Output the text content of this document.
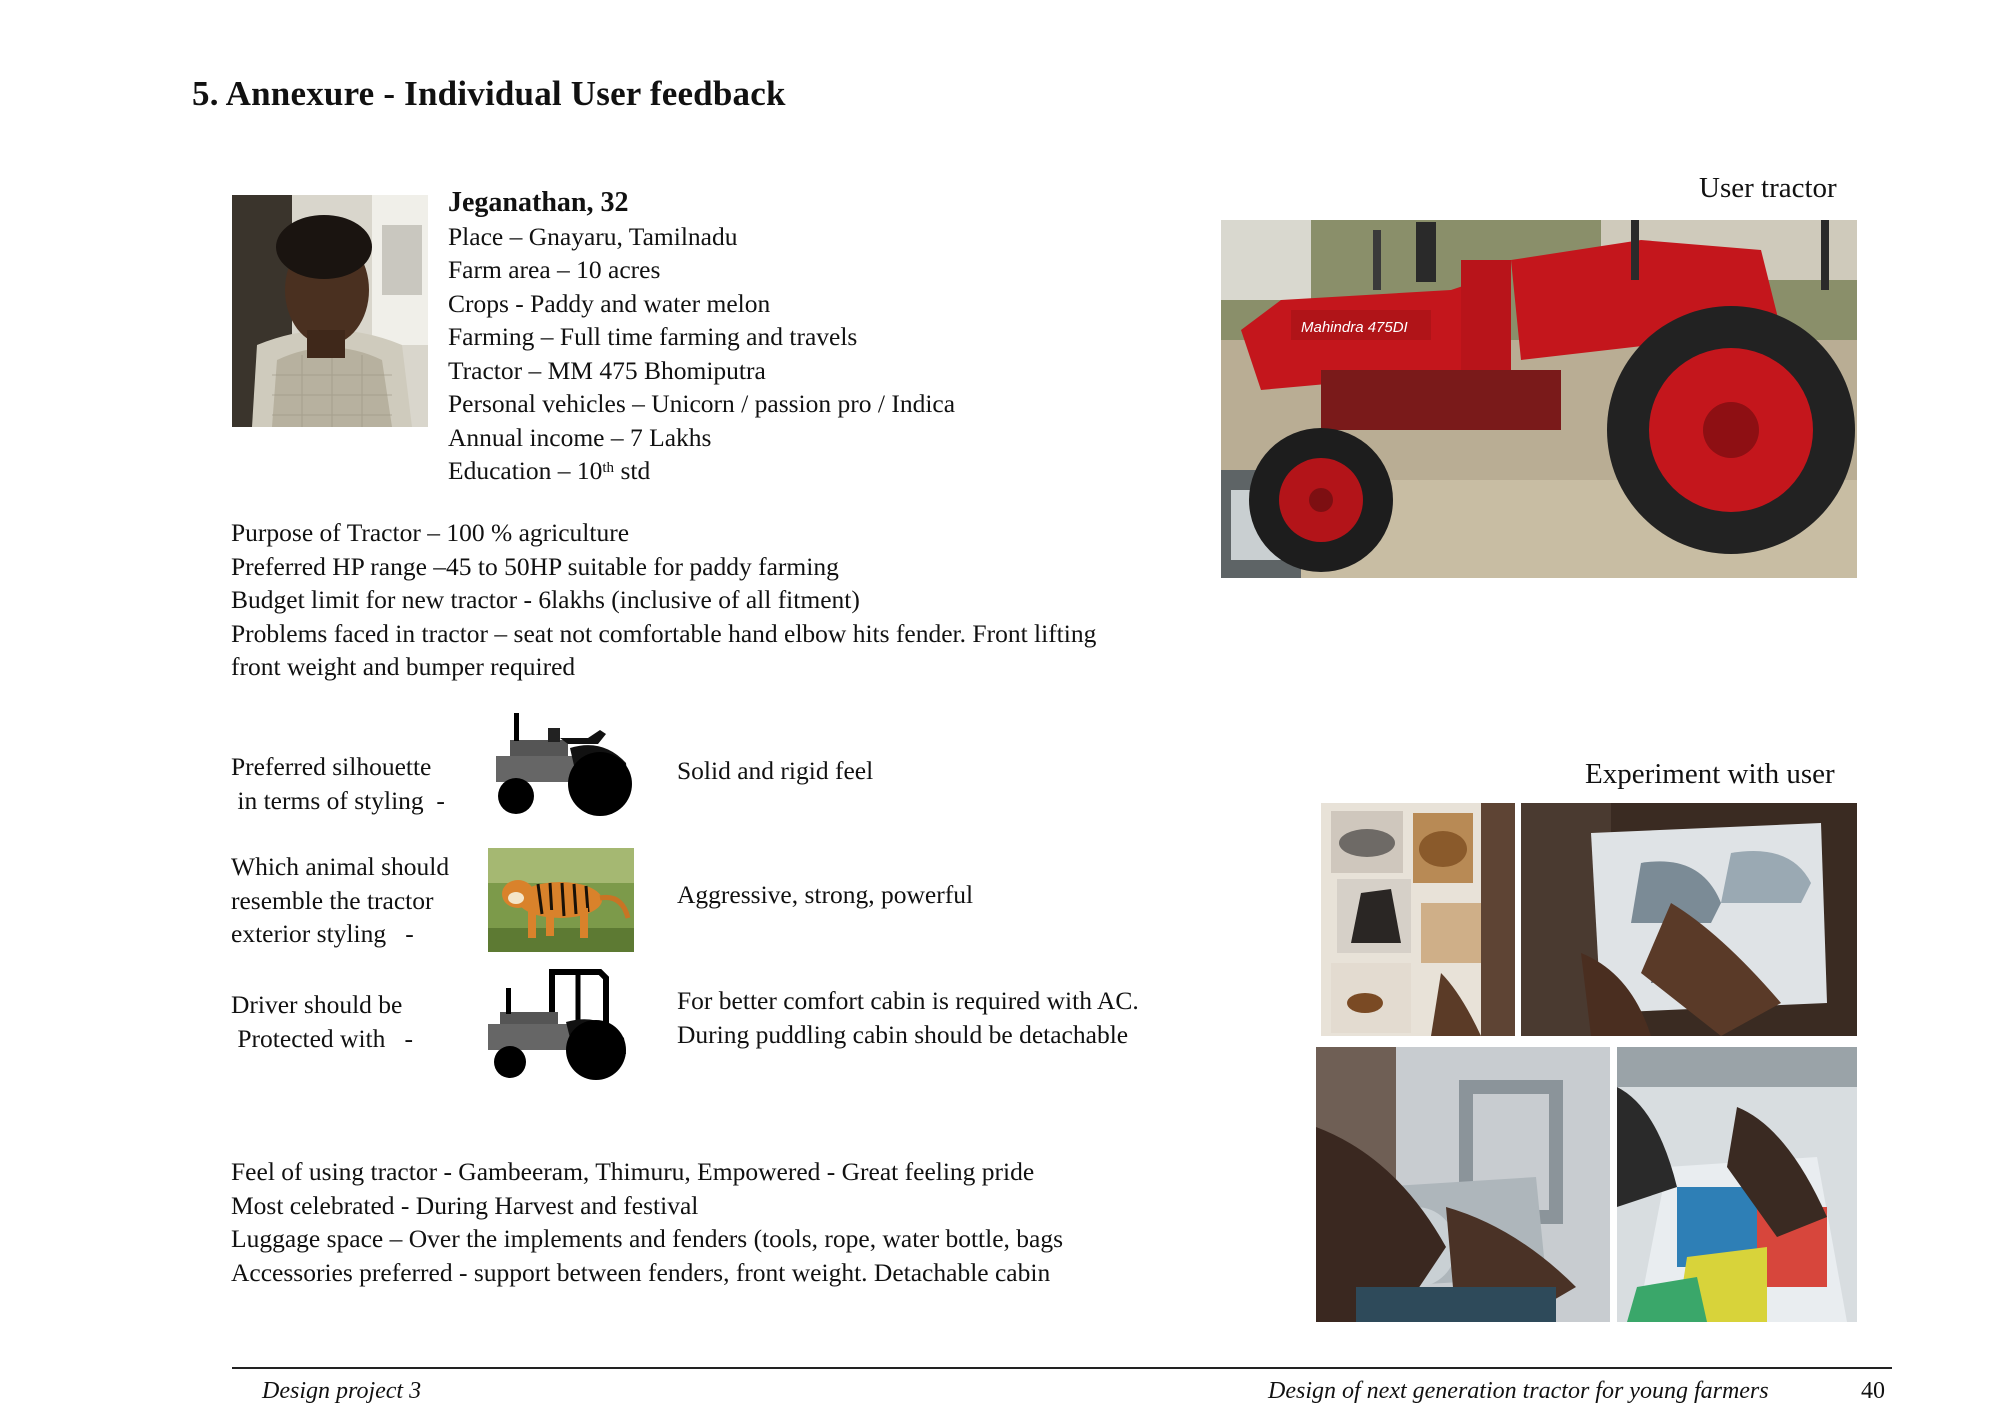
5. Annexure - Individual User feedback
Jeganathan, 32
Place – Gnayaru, Tamilnadu
Farm area – 10 acres
Crops - Paddy and water melon
Farming – Full time farming and travels
Tractor – MM 475 Bhomiputra
Personal vehicles – Unicorn / passion pro / Indica
Annual income – 7 Lakhs
Education – 10th std
Purpose of Tractor – 100 % agriculture
Preferred HP range –45 to 50HP suitable for paddy farming
Budget limit for new tractor - 6lakhs (inclusive of all fitment)
Problems faced in tractor – seat not comfortable hand elbow hits fender. Front lifting
front weight and bumper required
Preferred silhouette
in terms of styling  -
Solid and rigid feel
Which animal should
resemble the tractor
exterior styling   -
Aggressive, strong, powerful
Driver should be
Protected with   -
For better comfort cabin is required with AC.
During puddling cabin should be detachable
Feel of using tractor - Gambeeram, Thimuru, Empowered - Great feeling pride
Most celebrated - During Harvest and festival
Luggage space – Over the implements and fenders (tools, rope, water bottle, bags
Accessories preferred - support between fenders, front weight. Detachable cabin
User tractor
Mahindra 475DI
Experiment with user
Design project 3	Design of next generation tractor for young farmers	40
